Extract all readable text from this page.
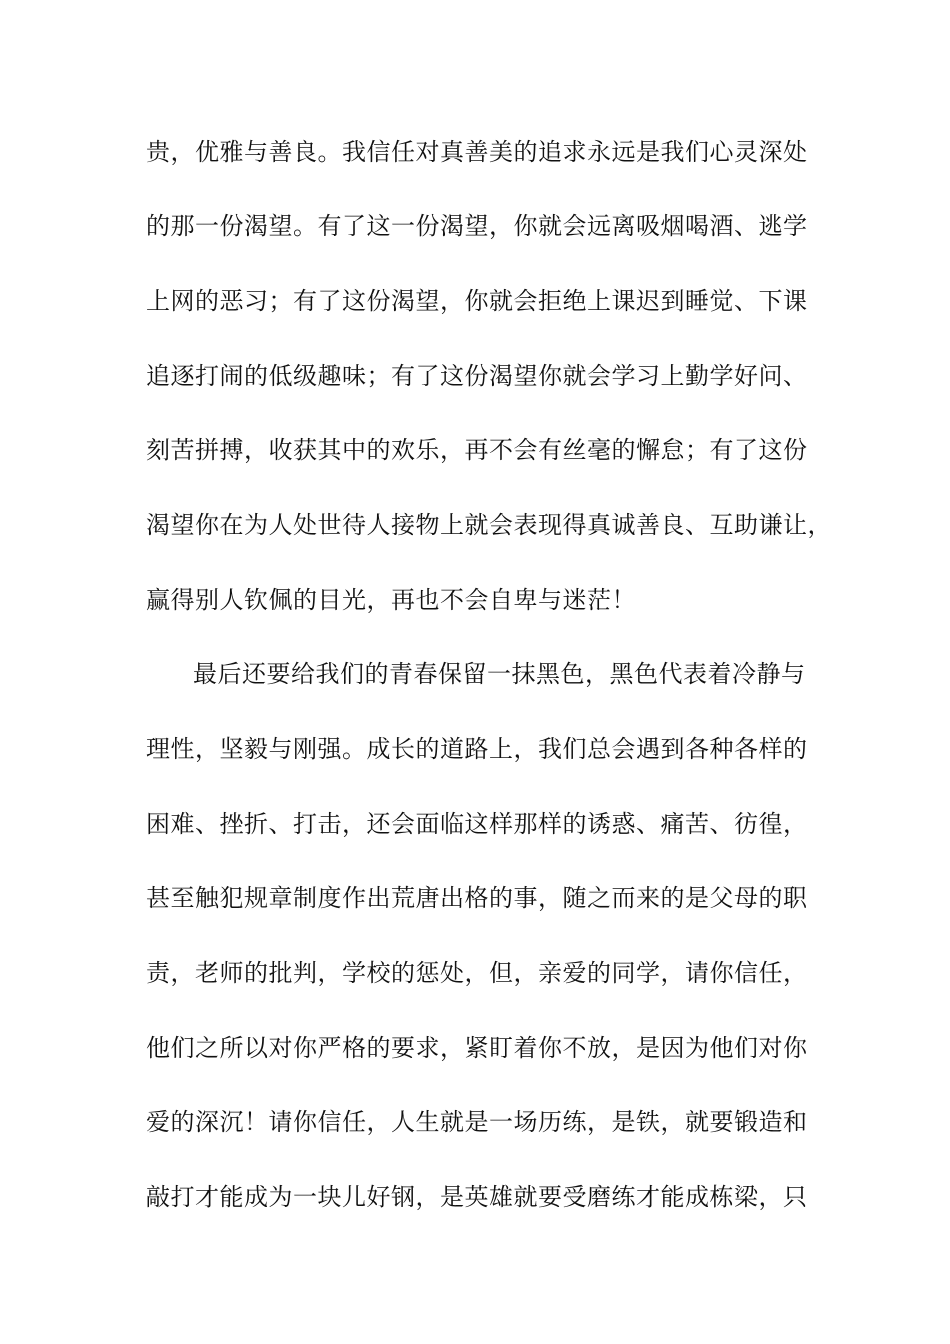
贵，优雅与善良。我信任对真善美的追求永远是我们心灵深处
的那一份渴望。有了这一份渴望，你就会远离吸烟喝酒、逃学
上网的恶习；有了这份渴望，你就会拒绝上课迟到睡觉、下课
追逐打闹的低级趣味；有了这份渴望你就会学习上勤学好问、
刻苦拼搏，收获其中的欢乐，再不会有丝毫的懈怠；有了这份
渴望你在为人处世待人接物上就会表现得真诚善良、互助谦让，
赢得别人钦佩的目光，再也不会自卑与迷茫！
最后还要给我们的青春保留一抹黑色，黑色代表着冷静与
理性，坚毅与刚强。成长的道路上，我们总会遇到各种各样的
困难、挫折、打击，还会面临这样那样的诱惑、痛苦、彷徨，
甚至触犯规章制度作出荒唐出格的事，随之而来的是父母的职
责，老师的批判，学校的惩处，但，亲爱的同学，请你信任，
他们之所以对你严格的要求，紧盯着你不放，是因为他们对你
爱的深沉！请你信任，人生就是一场历练，是铁，就要锻造和
敲打才能成为一块儿好钢，是英雄就要受磨练才能成栋梁，只
